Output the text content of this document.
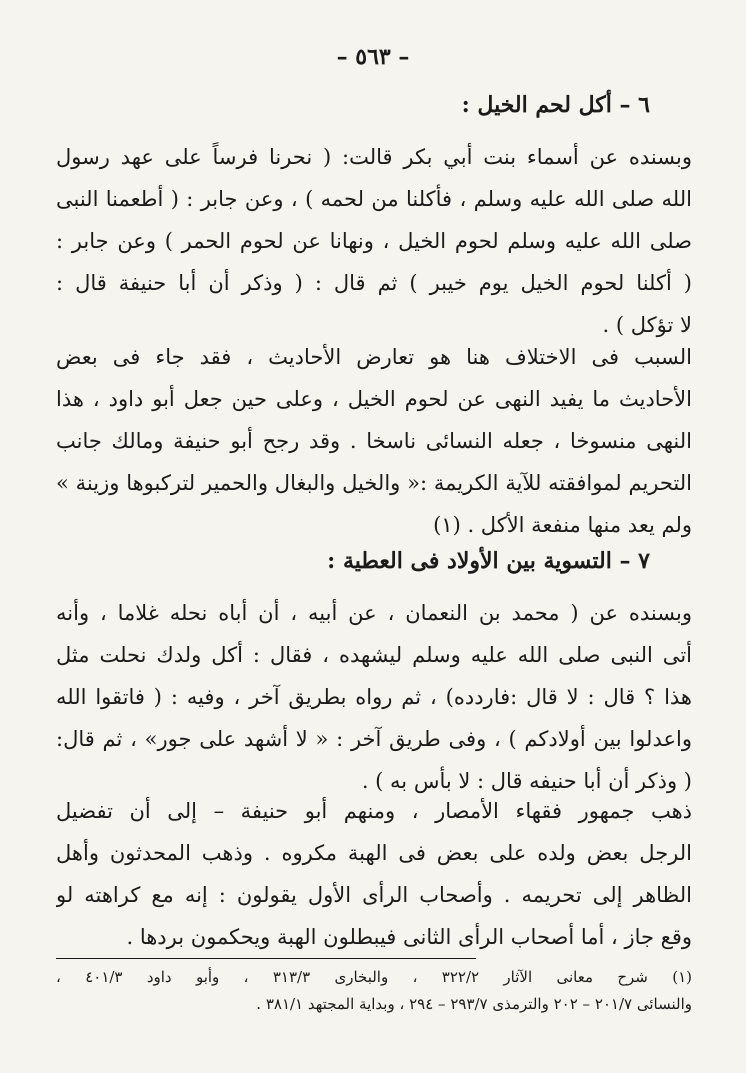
– ٥٦٣ –
٦ – أكل لحم الخيل :
وبسنده عن أسماء بنت أبي بكر قالت: ( نحرنا فرساً على عهد رسول
الله صلى الله عليه وسلم ، فأكلنا من لحمه ) ، وعن جابر : ( أطعمنا النبى
صلى الله عليه وسلم لحوم الخيل ، ونهانا عن لحوم الحمر ) وعن جابر :
( أكلنا لحوم الخيل يوم خيبر ) ثم قال : ( وذكر أن أبا حنيفة قال :
لا تؤكل ) .
السبب فى الاختلاف هنا هو تعارض الأحاديث ، فقد جاء فى بعض
الأحاديث ما يفيد النهى عن لحوم الخيل ، وعلى حين جعل أبو داود ، هذا
النهى منسوخا ، جعله النسائى ناسخا . وقد رجح أبو حنيفة ومالك جانب
التحريم لموافقته للآية الكريمة :« والخيل والبغال والحمير لتركبوها وزينة »
ولم يعد منها منفعة الأكل . (١)
٧ – التسوية بين الأولاد فى العطية :
وبسنده عن ( محمد بن النعمان ، عن أبيه ، أن أباه نحله غلاما ، وأنه
أتى النبى صلى الله عليه وسلم ليشهده ، فقال : أكل ولدك نحلت مثل
هذا ؟ قال : لا قال :فاردده) ، ثم رواه بطريق آخر ، وفيه : ( فاتقوا الله
واعدلوا بين أولادكم ) ، وفى طريق آخر : « لا أشهد على جور» ، ثم قال:
( وذكر أن أبا حنيفه قال : لا بأس به ) .
ذهب جمهور فقهاء الأمصار ، ومنهم أبو حنيفة – إلى أن تفضيل
الرجل بعض ولده على بعض فى الهبة مكروه . وذهب المحدثون وأهل
الظاهر إلى تحريمه . وأصحاب الرأى الأول يقولون : إنه مع كراهته لو
وقع جاز ، أما أصحاب الرأى الثانى فيبطلون الهبة ويحكمون بردها .
(١) شرح معانى الآثار ٣٢٢/٢ ، والبخارى ٣١٣/٣ ، وأبو داود ٤٠١/٣ ،
والنسائى ٢٠١/٧ – ٢٠٢ والترمذى ٢٩٣/٧ – ٢٩٤ ، وبداية المجتهد ٣٨١/١ .
